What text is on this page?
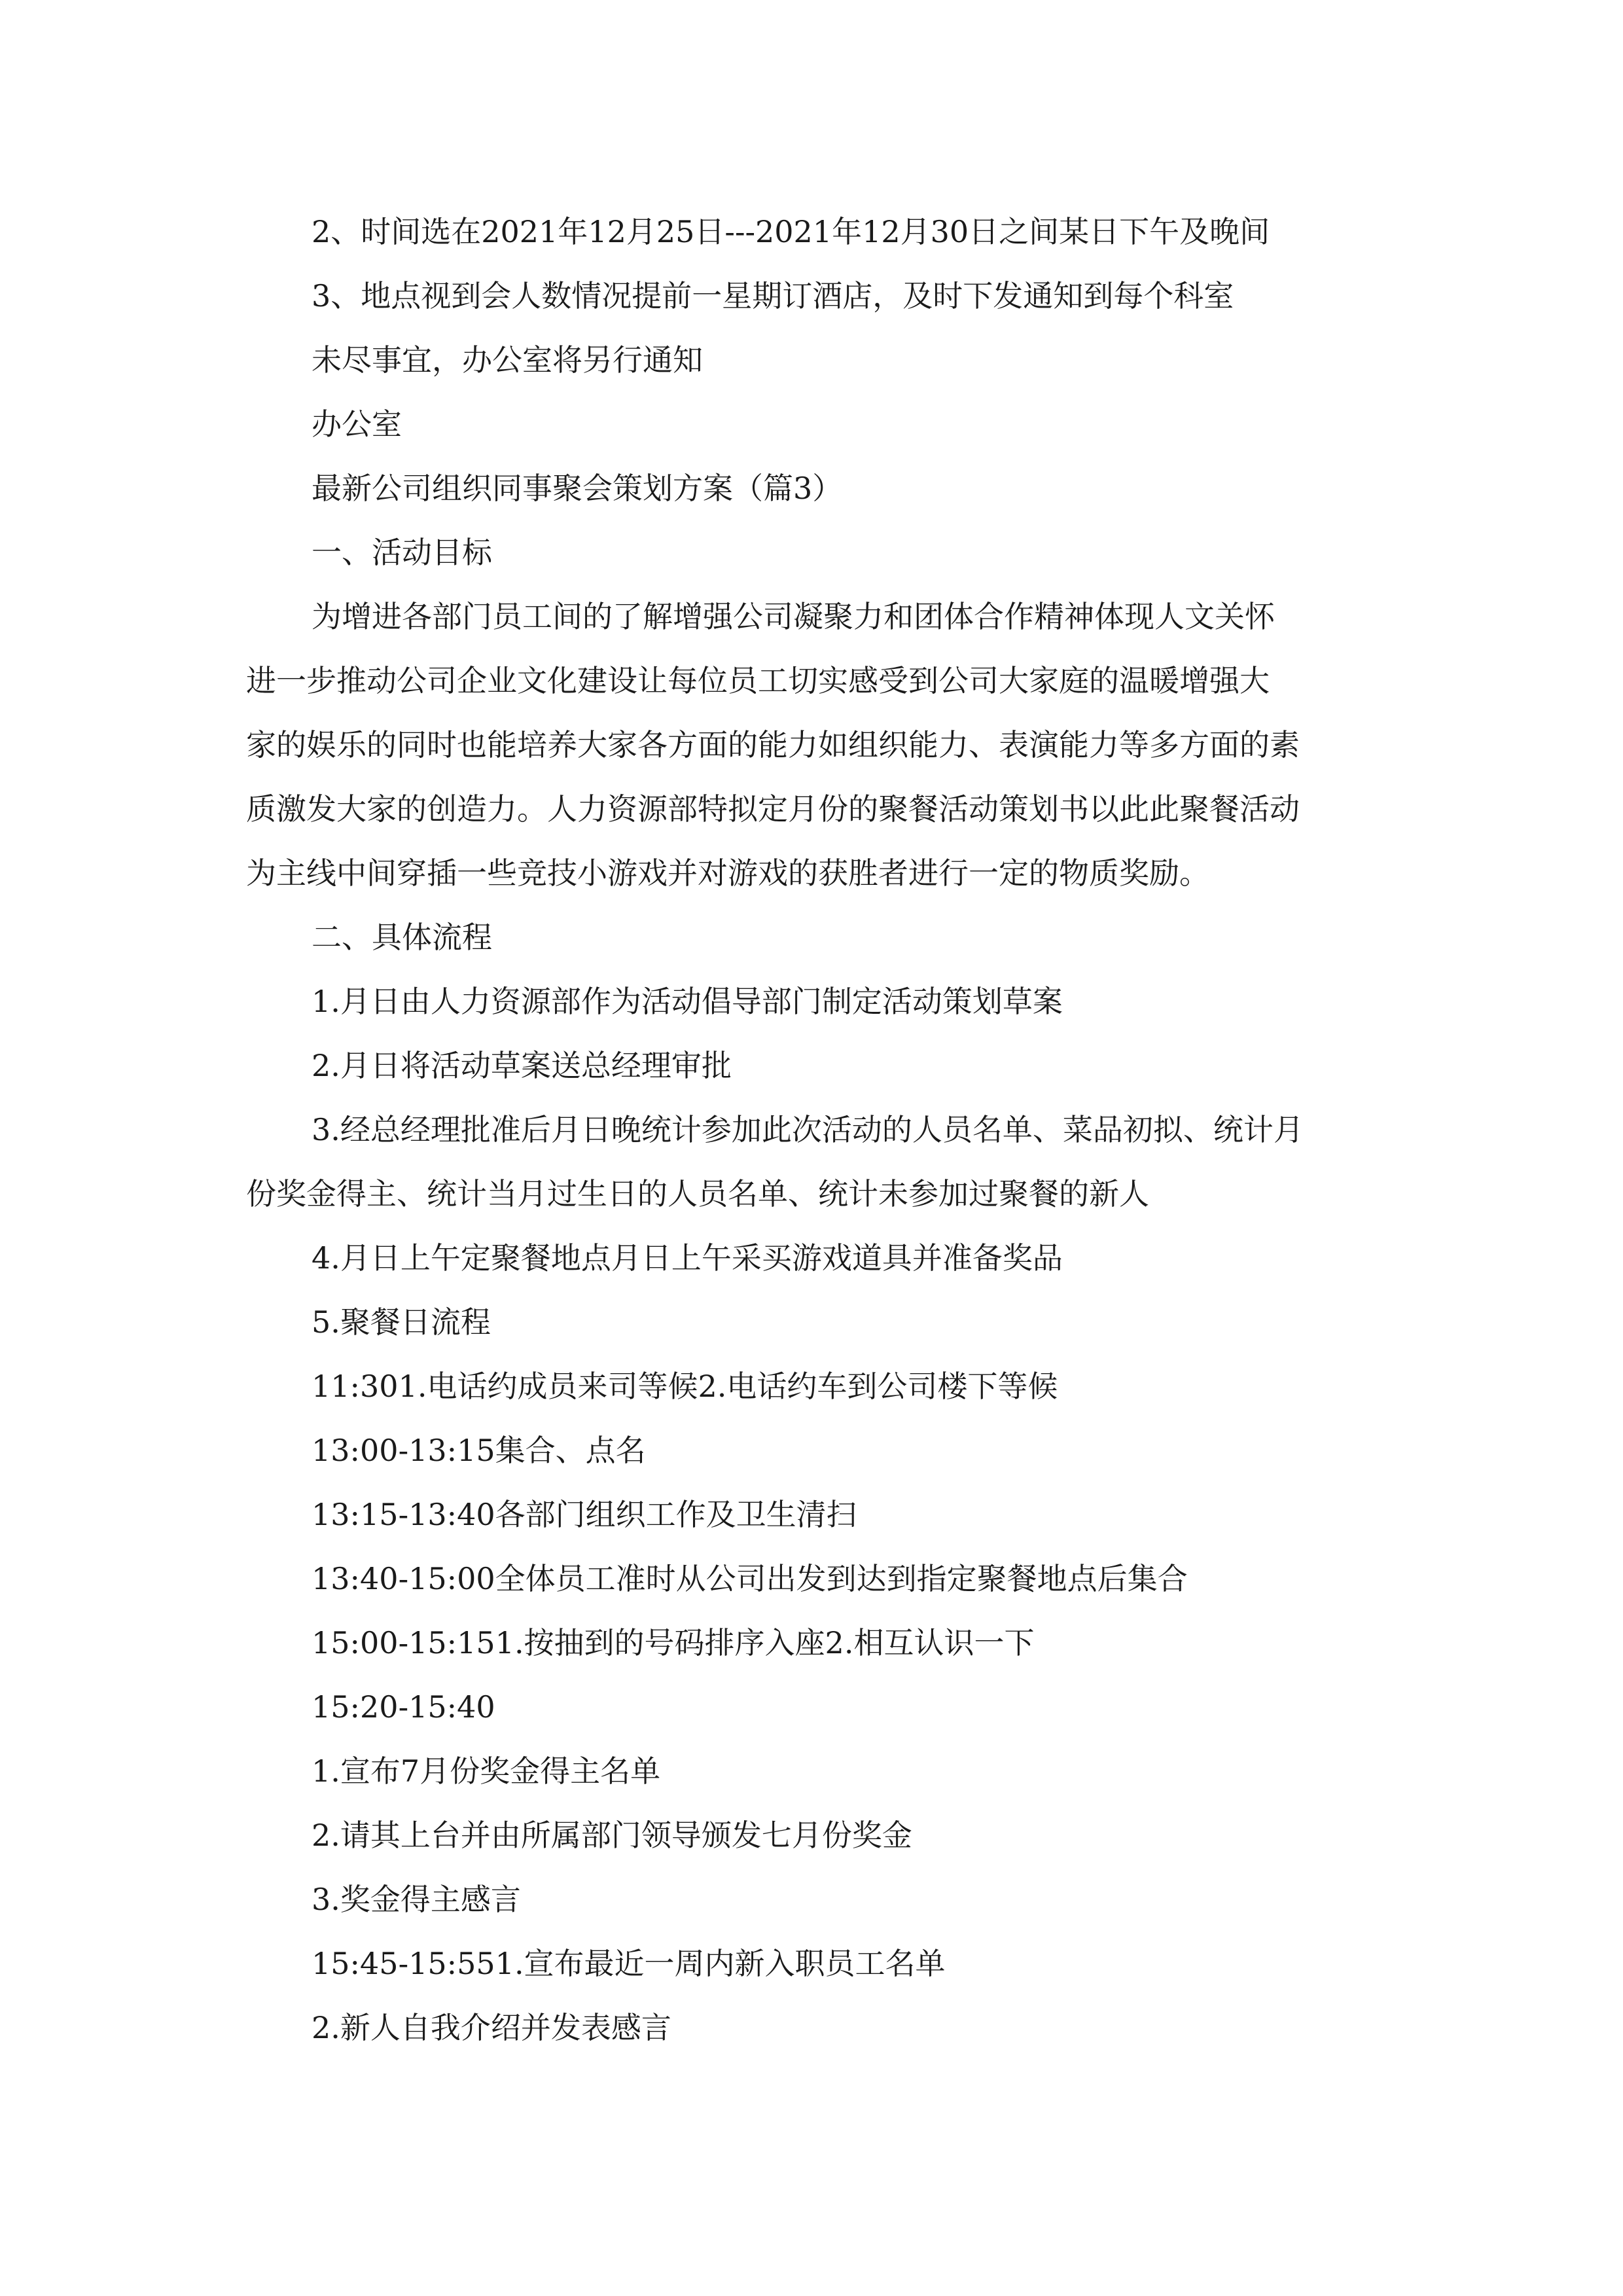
2、时间选在2021年12月25日---2021年12月30日之间某日下午及晚间
3、地点视到会人数情况提前一星期订酒店，及时下发通知到每个科室
未尽事宜，办公室将另行通知
办公室
最新公司组织同事聚会策划方案（篇3）
一、活动目标
为增进各部门员工间的了解增强公司凝聚力和团体合作精神体现人文关怀
进一步推动公司企业文化建设让每位员工切实感受到公司大家庭的温暖增强大
家的娱乐的同时也能培养大家各方面的能力如组织能力、表演能力等多方面的素
质激发大家的创造力。人力资源部特拟定月份的聚餐活动策划书以此此聚餐活动
为主线中间穿插一些竞技小游戏并对游戏的获胜者进行一定的物质奖励。
二、具体流程
1.月日由人力资源部作为活动倡导部门制定活动策划草案
2.月日将活动草案送总经理审批
3.经总经理批准后月日晚统计参加此次活动的人员名单、菜品初拟、统计月
份奖金得主、统计当月过生日的人员名单、统计未参加过聚餐的新人
4.月日上午定聚餐地点月日上午采买游戏道具并准备奖品
5.聚餐日流程
11:301.电话约成员来司等候2.电话约车到公司楼下等候
13:00-13:15集合、点名
13:15-13:40各部门组织工作及卫生清扫
13:40-15:00全体员工准时从公司出发到达到指定聚餐地点后集合
15:00-15:151.按抽到的号码排序入座2.相互认识一下
15:20-15:40
1.宣布7月份奖金得主名单
2.请其上台并由所属部门领导颁发七月份奖金
3.奖金得主感言
15:45-15:551.宣布最近一周内新入职员工名单
2.新人自我介绍并发表感言
